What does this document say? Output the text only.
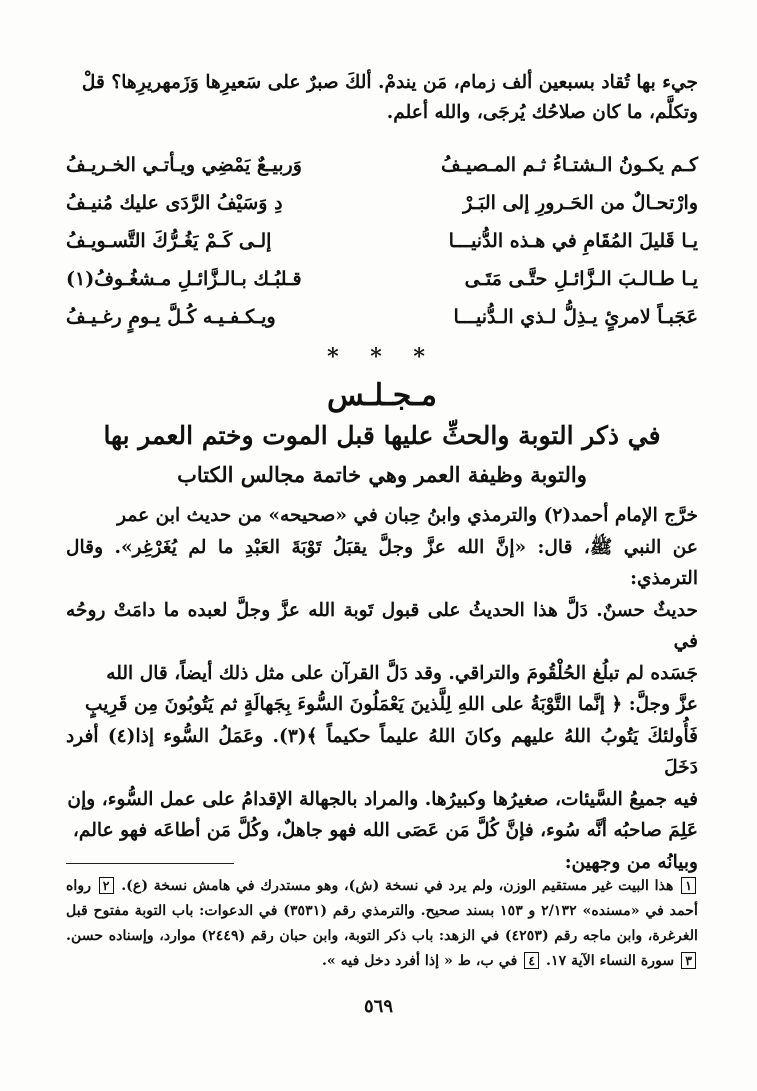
جيء بها تُقاد بسبعين ألف زمام، مَن يندمْ. ألكَ صبرٌ على سَعيرِها وَزَمهريرِها؟ قلْ

وتكلَّم، ما كان صلاحُك يُرجَى، والله أعلم.

كـم يكـونُ الـشتـاءُ ثـم المـصيـفُ
وَربيـعٌ يَمْضِي ويـأتـي الخـريـفُ
وارْتحـالٌ من الحَـرورِ إلى البَـرْ
دِ وَسَيْفُ الرَّدَى عليك مُنيـفُ
يـا قَليلَ المُقَامِ في هـذه الدُّنيـــا
إلـى كَـمْ يَغُـرُّكَ التَّسـويـفُ
يـا طـالـبَ الـزَّائـلِ حتَّـى مَتَـى
قـلبُـك بـالـزَّائـلِ مـشغُـوفُ(١)
عَجَبـاً لامرئٍ يـذِلُّ لـذي الـدُّنيـــا
ويـكـفـيـه كُـلَّ يـومٍ رغـيـفُ
* * *
مـجـلـس
في ذكر التوبة والحثِّ عليها قبل الموت وختم العمر بها
والتوبة وظيفة العمر وهي خاتمة مجالس الكتاب

خرَّج الإمام أحمد(٢) والترمذي وابنُ حِبان في «صحيحه» من حديث ابن عمر

عن النبي ﷺ، قال: «إنَّ الله عزَّ وجلَّ يقبَلُ تَوْبَةَ العَبْدِ ما لم يُغَرْغِر». وقال الترمذي:

حديثٌ حسنٌ. دَلَّ هذا الحديثُ على قبول تَوبة الله عزَّ وجلَّ لعبده ما دامَتْ روحُه في

جَسَده لم تبلُغ الحُلْقُومَ والتراقي. وقد دَلَّ القرآن على مثل ذلك أيضاً، قال الله

عزَّ وجلَّ: ﴿ إنَّما التَّوْبَةُ على اللهِ لِلَّذينَ يَعْمَلُونَ السُّوءَ بِجَهالَةٍ ثم يَتُوبُونَ مِن قَرِيبٍ

فَأُولئكَ يَتُوبُ اللهُ عليهم وكانَ اللهُ عليماً حكيماً ﴾(٣). وعَمَلُ السُّوء إذا(٤) أفرد دَخَلَ

فيه جميعُ السَّيئات، صغيرُها وكبيرُها. والمراد بالجهالة الإقدامُ على عمل السُّوء، وإن

عَلِمَ صاحبُه أنَّه سُوء، فإنَّ كُلَّ مَن عَصَى الله فهو جاهلٌ، وكُلَّ مَن أطاعَه فهو عالم،

وبيانُه من وجهين:

١ هذا البيت غير مستقيم الوزن، ولم يرد في نسخة (ش)، وهو مستدرك في هامش نسخة (ع). ٢ رواه أحمد في «مسنده» ٢/١٣٢ و ١٥٣ بسند صحيح. والترمذي رقم (٣٥٣١) في الدعوات: باب التوبة مفتوح قبل الغرغرة، وابن ماجه رقم (٤٢٥٣) في الزهد: باب ذكر التوبة، وابن حبان رقم (٢٤٤٩) موارد، وإسناده حسن. ٣ سورة النساء الآية ١٧. ٤ في ب، ط « إذا أفرد دخل فيه ».
٥٦٩
